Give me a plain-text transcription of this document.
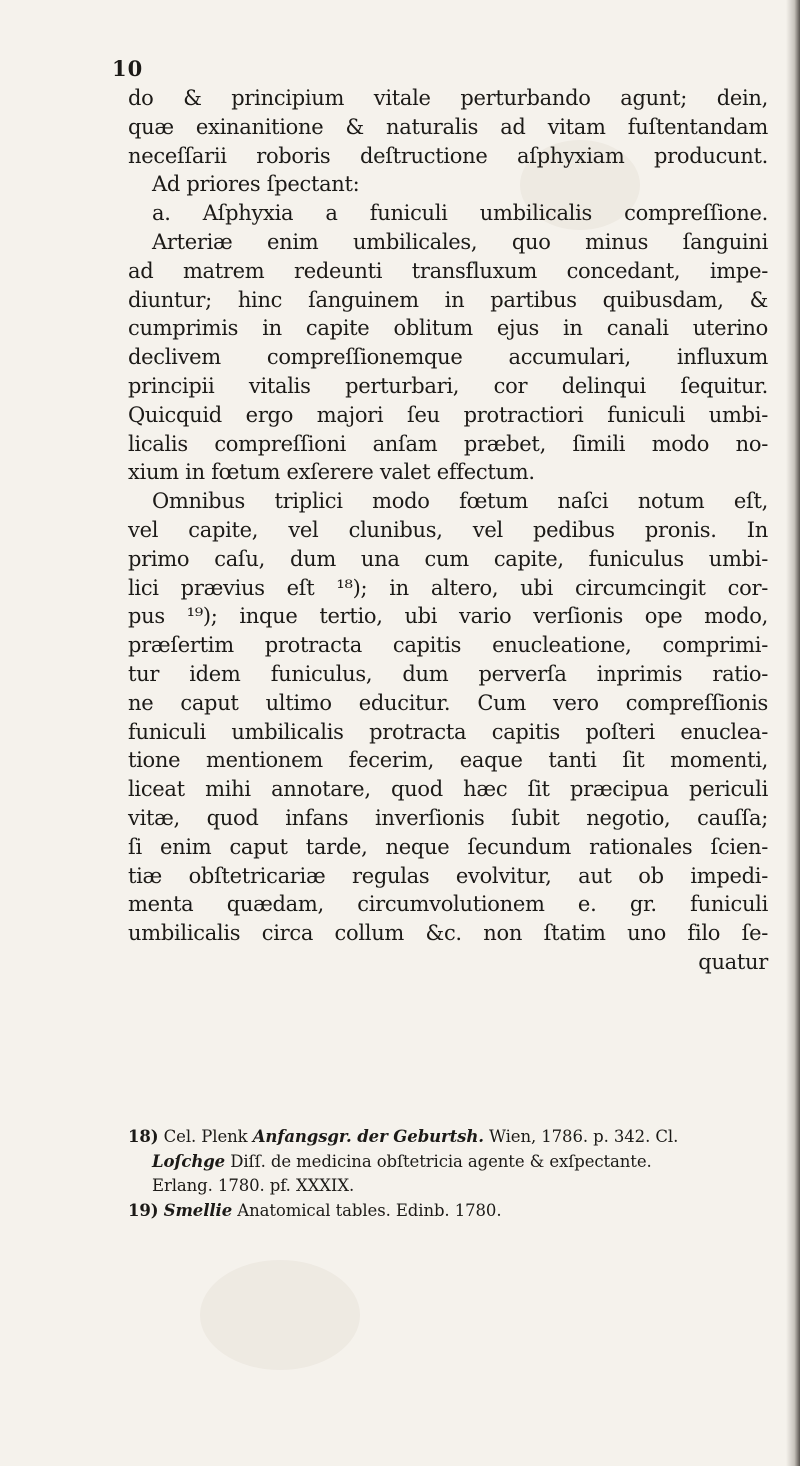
10
do & principium vitale perturbando agunt; dein,
quæ exinanitione & naturalis ad vitam fuſtentandam
neceſſarii roboris deſtructione aſphyxiam producunt.
Ad priores ſpectant:
a. Aſphyxia a funiculi umbilicalis compreſſione.
Arteriæ enim umbilicales, quo minus ſanguini
ad matrem redeunti transfluxum concedant, impe-
diuntur; hinc ſanguinem in partibus quibusdam, &
cumprimis in capite oblitum ejus in canali uterino
declivem compreſſionemque accumulari, influxum
principii vitalis perturbari, cor delinqui ſequitur.
Quicquid ergo majori ſeu protractiori funiculi umbi-
licalis compreſſioni anſam præbet, ſimili modo no-
xium in fœtum exſerere valet effectum.
Omnibus triplici modo fœtum naſci notum eſt,
vel capite, vel clunibus, vel pedibus pronis. In
primo caſu, dum una cum capite, funiculus umbi-
lici prævius eſt ¹⁸); in altero, ubi circumcingit cor-
pus ¹⁹); inque tertio, ubi vario verſionis ope modo,
præſertim protracta capitis enucleatione, comprimi-
tur idem funiculus, dum perverſa inprimis ratio-
ne caput ultimo educitur. Cum vero compreſſionis
funiculi umbilicalis protracta capitis poſteri enuclea-
tione mentionem fecerim, eaque tanti ſit momenti,
liceat mihi annotare, quod hæc ſit præcipua periculi
vitæ, quod infans inverſionis ſubit negotio, cauſſa;
ſi enim caput tarde, neque ſecundum rationales ſcien-
tiæ obſtetricariæ regulas evolvitur, aut ob impedi-
menta quædam, circumvolutionem e. gr. funiculi
umbilicalis circa collum &c. non ſtatim uno filo ſe-
quatur
18) Cel. Plenk Anfangsgr. der Geburtsh. Wien, 1786. p. 342. Cl.
Loſchge Diſſ. de medicina obſtetricia agente & exſpectante.
Erlang. 1780. pf. XXXIX.
19) Smellie Anatomical tables. Edinb. 1780.
